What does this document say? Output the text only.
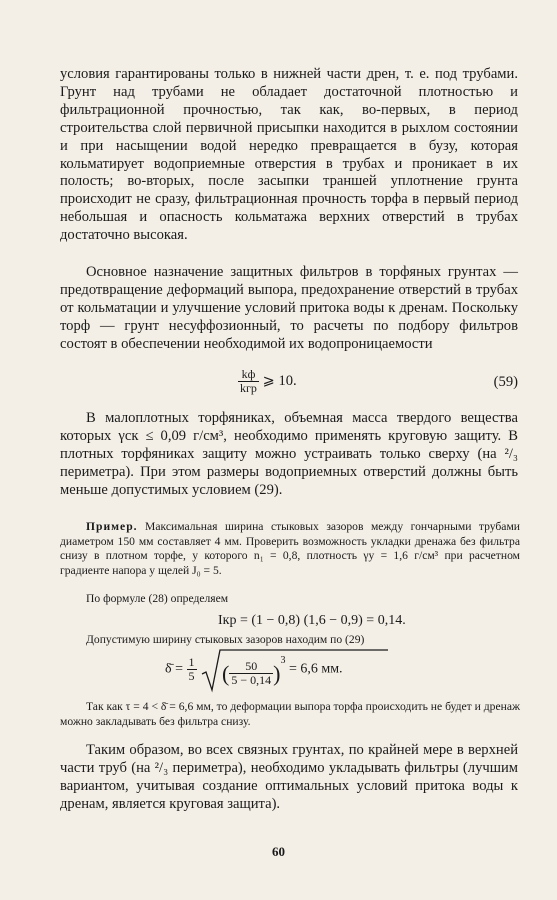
условия гарантированы только в нижней части дрен, т. е. под трубами. Грунт над трубами не обладает достаточной плотностью и фильтрационной прочностью, так как, во-первых, в период строительства слой первичной присыпки находится в рыхлом состоянии и при насыщении водой нередко превращается в бузу, которая кольматирует водоприемные отверстия в трубах и проникает в их полость; во-вторых, после засыпки траншей уплотнение грунта происходит не сразу, фильтрационная прочность торфа в первый период небольшая и опасность кольматажа верхних отверстий в трубах достаточно высокая.

Основное назначение защитных фильтров в торфяных грунтах — предотвращение деформаций выпора, предохранение отверстий в трубах от кольматации и улучшение условий притока воды к дренам. Поскольку торф — грунт несуффозионный, то расчеты по подбору фильтров состоят в обеспечении необходимой их водопроницаемости

$\frac{kф}{\text{kгр}}$ ⩾ 10.	(59)

В малоплотных торфяниках, объемная масса твердого вещества которых γск ≤ 0,09 г/см³, необходимо применять круговую защиту. В плотных торфяниках защиту можно устраивать только сверху (на ²/₃ периметра). При этом размеры водоприемных отверстий должны быть меньше допустимых условием (29).

Пример. Максимальная ширина стыковых зазоров между гончарными трубами диаметром 150 мм составляет 4 мм. Проверить возможность укладки дренажа без фильтра снизу в плотном торфе, у которого n₁ = 0,8, плотность γу = 1,6 г/см³ при расчетном градиенте напора у щелей J₀ = 5.

По формуле (28) определяем

Iкр = (1 − 0,8) (1,6 − 0,9) = 0,14.

Допустимую ширину стыковых зазоров находим по (29)

δ̄ = $\frac{1}{5}$
( $\frac{50}{5 - 0,14} )^3 = 6,6$ мм.

Так как τ = 4 < δ̄ = 6,6 мм, то деформации выпора торфа происходить не будет и дренаж можно закладывать без фильтра снизу.

Таким образом, во всех связных грунтах, по крайней мере в верхней части труб (на ²/₃ периметра), необходимо укладывать фильтры (лучшим вариантом, учитывая создание оптимальных условий притока воды к дренам, является круговая защита).

60
